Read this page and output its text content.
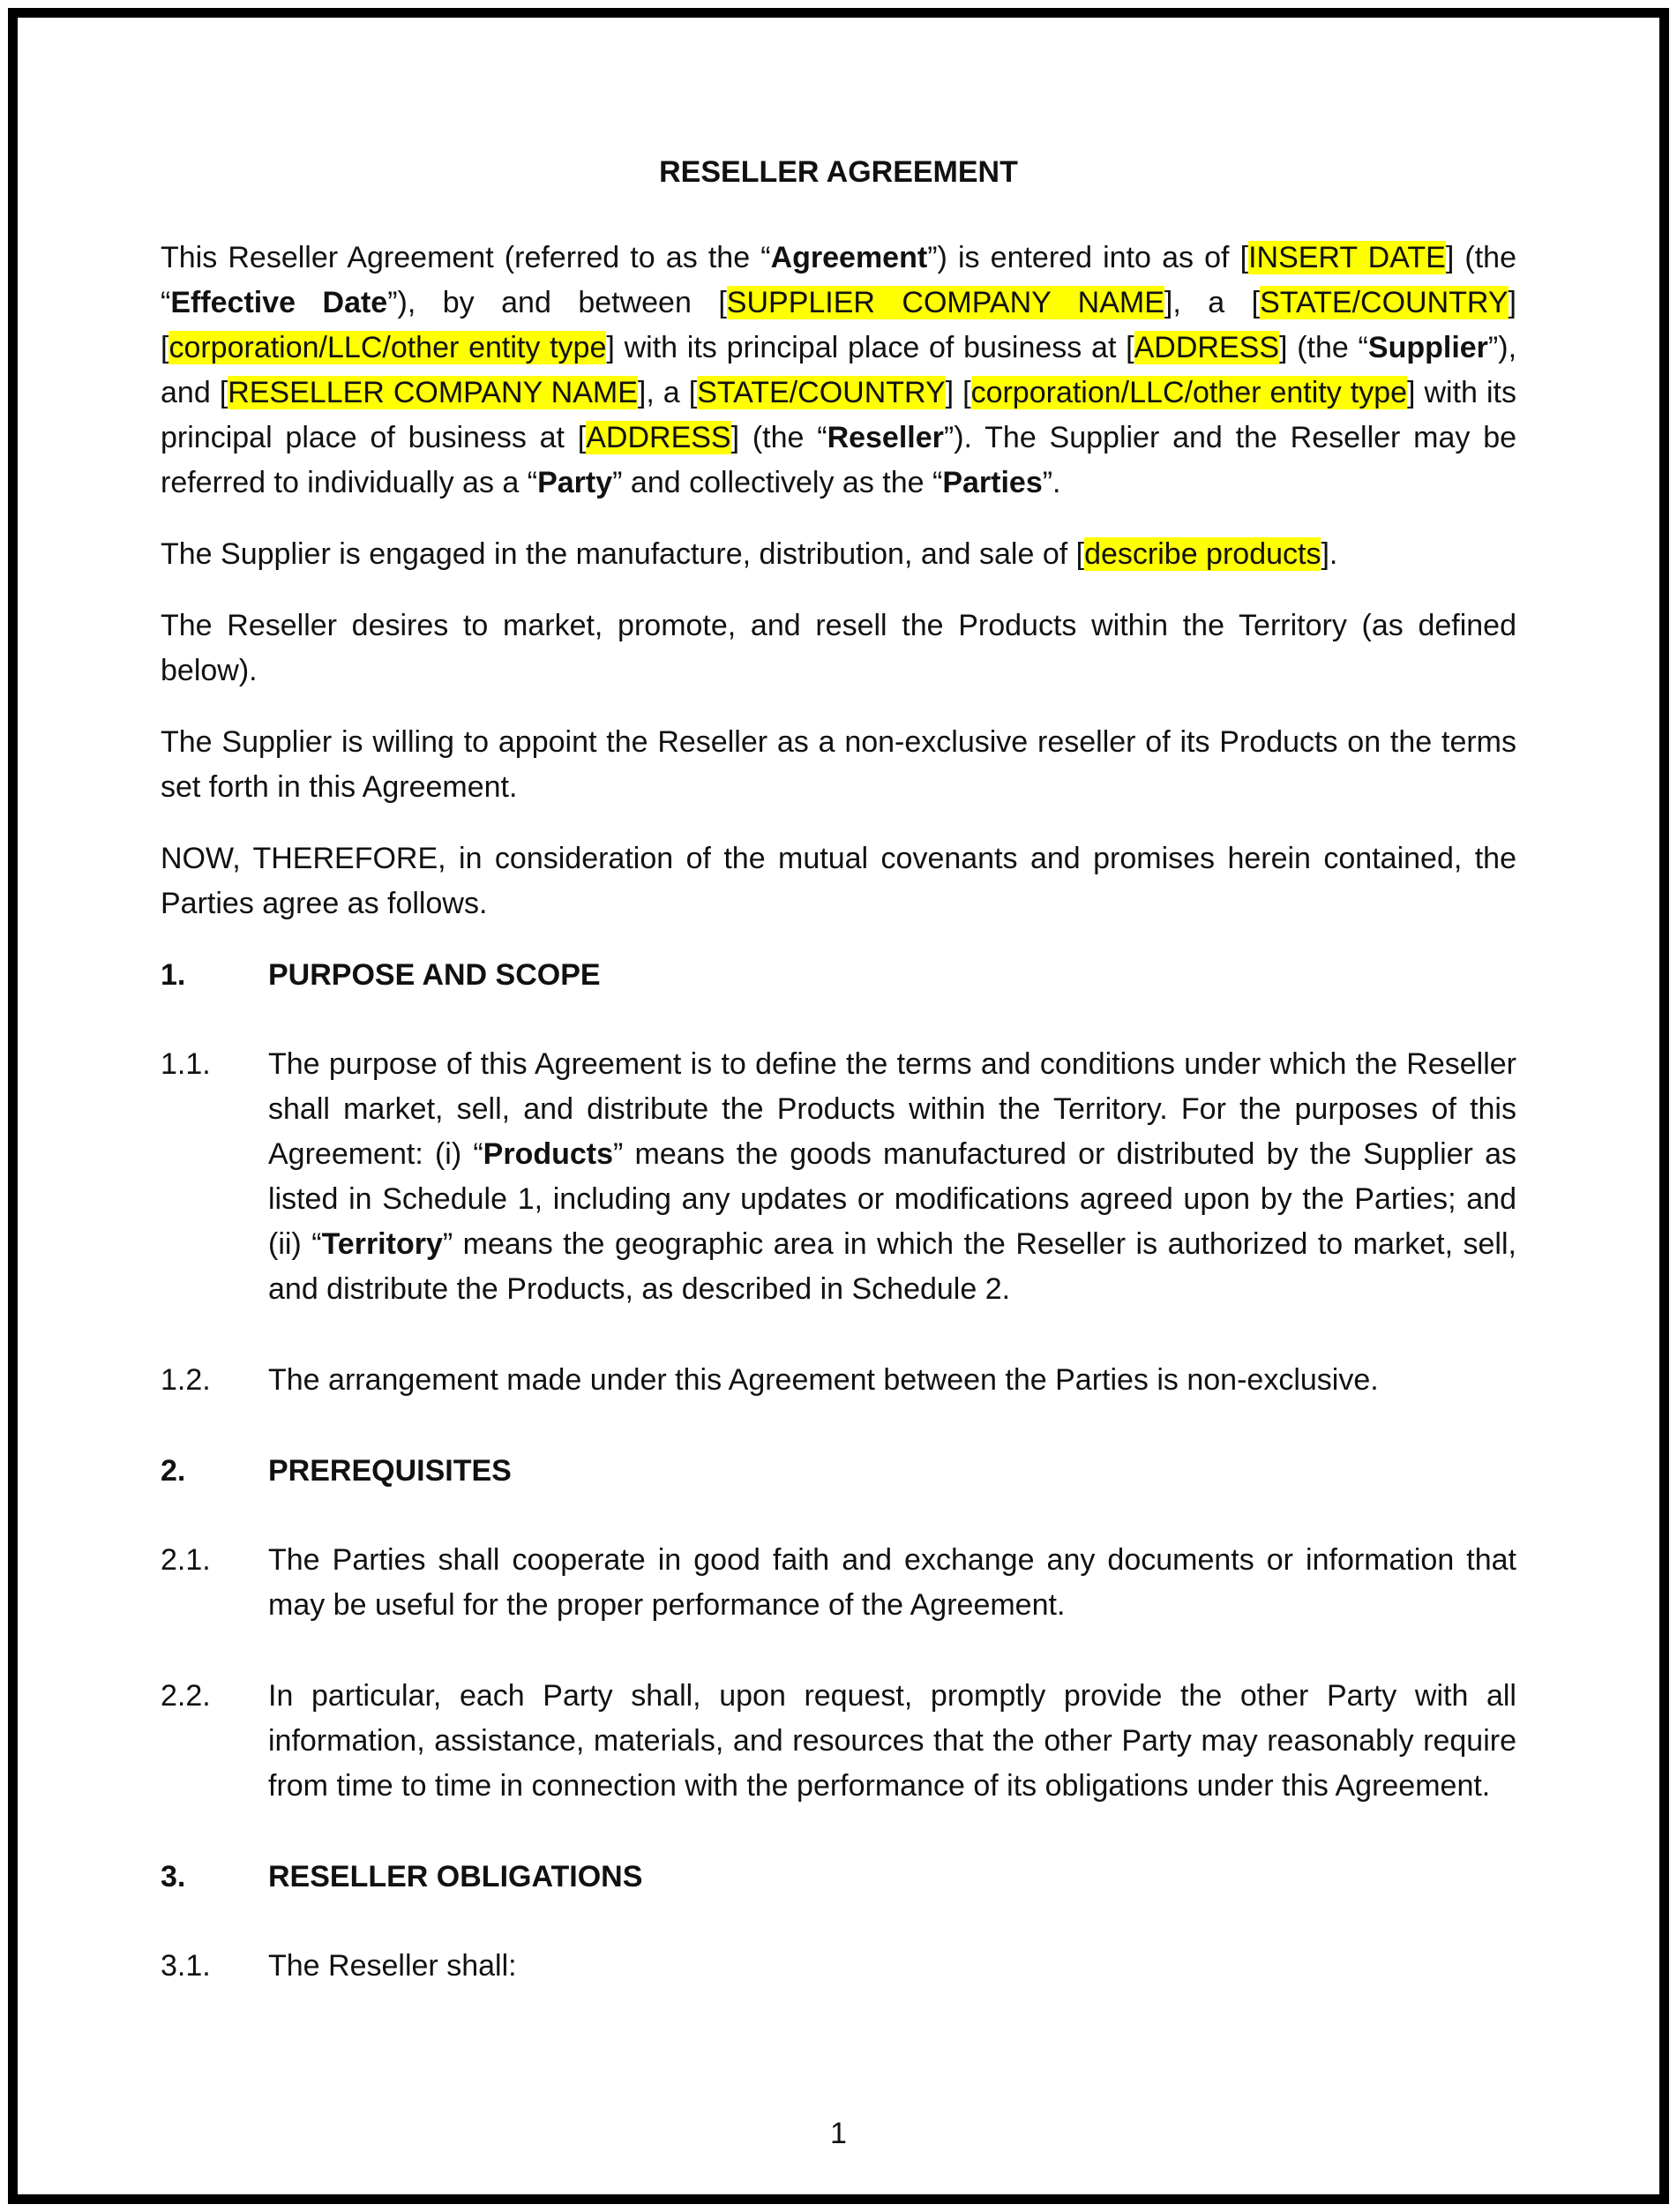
RESELLER AGREEMENT

This Reseller Agreement (referred to as the “Agreement”) is entered into as of [INSERT DATE] (the “Effective Date”), by and between [SUPPLIER COMPANY NAME], a [STATE/COUNTRY] [corporation/LLC/other entity type] with its principal place of business at [ADDRESS] (the “Supplier”), and [RESELLER COMPANY NAME], a [STATE/COUNTRY] [corporation/LLC/other entity type] with its principal place of business at [ADDRESS] (the “Reseller”). The Supplier and the Reseller may be referred to individually as a “Party” and collectively as the “Parties”.

The Supplier is engaged in the manufacture, distribution, and sale of [describe products].

The Reseller desires to market, promote, and resell the Products within the Territory (as defined below).

The Supplier is willing to appoint the Reseller as a non-exclusive reseller of its Products on the terms set forth in this Agreement.

NOW, THEREFORE, in consideration of the mutual covenants and promises herein contained, the Parties agree as follows.

1.	PURPOSE AND SCOPE
1.1.	The purpose of this Agreement is to define the terms and conditions under which the Reseller shall market, sell, and distribute the Products within the Territory. For the purposes of this Agreement: (i) “Products” means the goods manufactured or distributed by the Supplier as listed in Schedule 1, including any updates or modifications agreed upon by the Parties; and (ii) “Territory” means the geographic area in which the Reseller is authorized to market, sell, and distribute the Products, as described in Schedule 2.
1.2.	The arrangement made under this Agreement between the Parties is non-exclusive.
2.	PREREQUISITES
2.1.	The Parties shall cooperate in good faith and exchange any documents or information that may be useful for the proper performance of the Agreement.
2.2.	In particular, each Party shall, upon request, promptly provide the other Party with all information, assistance, materials, and resources that the other Party may reasonably require from time to time in connection with the performance of its obligations under this Agreement.
3.	RESELLER OBLIGATIONS
3.1.	The Reseller shall:
1
